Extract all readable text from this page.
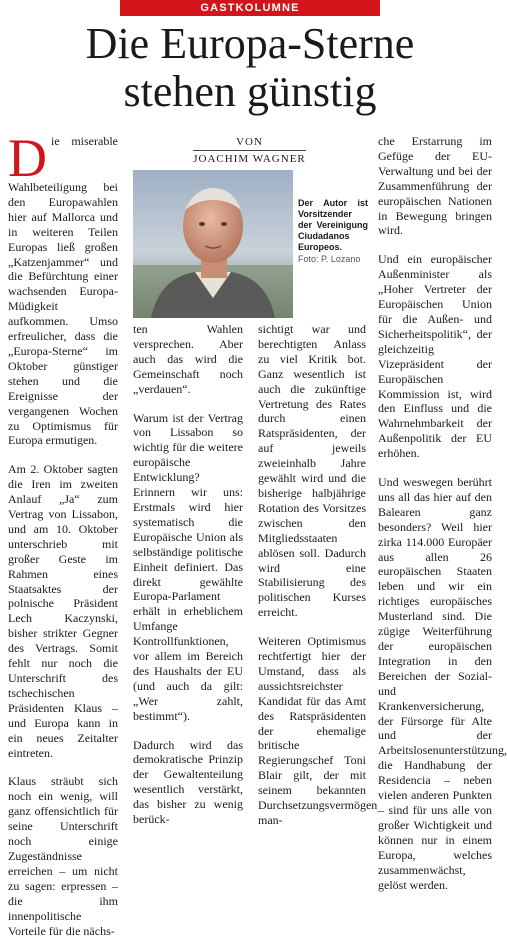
GASTKOLUMNE
Die Europa-Sterne
stehen günstig

Die miserable Wahlbeteiligung bei den Europawahlen hier auf Mallorca und in weiteren Teilen Europas ließ großen „Katzenjammer“ und die Befürchtung einer wachsenden Europa-Müdigkeit aufkommen. Umso erfreulicher, dass die „Europa-Sterne“ im Oktober günstiger stehen und die Ereignisse der vergangenen Wochen zu Optimismus für Europa ermutigen.

Am 2. Oktober sagten die Iren im zweiten Anlauf „Ja“ zum Vertrag von Lissabon, und am 10. Oktober unterschrieb mit großer Geste im Rahmen eines Staatsaktes der polnische Präsident Lech Kaczynski, bisher strikter Gegner des Vertrags. Somit fehlt nur noch die Unterschrift des tschechischen Präsidenten Klaus – und Europa kann in ein neues Zeitalter eintreten.

Klaus sträubt sich noch ein wenig, will ganz offensichtlich für seine Unterschrift noch einige Zugeständnisse erreichen – um nicht zu sagen: erpressen – die ihm innenpolitische Vorteile für die nächs-

VON
JOACHIM WAGNER
Der Autor ist Vorsitzender der Vereinigung Ciudadanos Europeos.
Foto: P. Lozano

ten Wahlen versprechen. Aber auch das wird die Gemeinschaft noch „verdauen“.

Warum ist der Vertrag von Lissabon so wichtig für die weitere europäische Entwicklung? Erinnern wir uns: Erstmals wird hier systematisch die Europäische Union als selbständige politische Einheit definiert. Das direkt gewählte Europa-Parlament erhält in erheblichem Umfange Kontrollfunktionen, vor allem im Bereich des Haushalts der EU (und auch da gilt: „Wer zahlt, bestimmt“).

Dadurch wird das demokratische Prinzip der Gewaltenteilung wesentlich verstärkt, das bisher zu wenig berück-

sichtigt war und berechtigten Anlass zu viel Kritik bot. Ganz wesentlich ist auch die zukünftige Vertretung des Rates durch einen Ratspräsidenten, der auf jeweils zweieinhalb Jahre gewählt wird und die bisherige halbjährige Rotation des Vorsitzes zwischen den Mitgliedsstaaten ablösen soll. Dadurch wird eine Stabilisierung des politischen Kurses erreicht.

Weiteren Optimismus rechtfertigt hier der Umstand, dass als aussichtsreichster Kandidat für das Amt des Ratspräsidenten der ehemalige britische Regierungschef Toni Blair gilt, der mit seinem bekannten Durchsetzungsvermögen man-

che Erstarrung im Gefüge der EU-Verwaltung und bei der Zusammenführung der europäischen Nationen in Bewegung bringen wird.

Und ein europäischer Außenminister als „Hoher Vertreter der Europäischen Union für die Außen- und Sicherheitspolitik“, der gleichzeitig Vizepräsident der Europäischen Kommission ist, wird den Einfluss und die Wahrnehmbarkeit der Außenpolitik der EU erhöhen.

Und weswegen berührt uns all das hier auf den Balearen ganz besonders? Weil hier zirka 114.000 Europäer aus allen 26 europäischen Staaten leben und wir ein richtiges europäisches Musterland sind. Die zügige Weiterführung der europäischen Integration in den Bereichen der Sozial- und Krankenversicherung, der Fürsorge für Alte und der Arbeitslosenunterstützung, die Handhabung der Residencia – neben vielen anderen Punkten – sind für uns alle von großer Wichtigkeit und können nur in einem Europa, welches zusammenwächst, gelöst werden.
